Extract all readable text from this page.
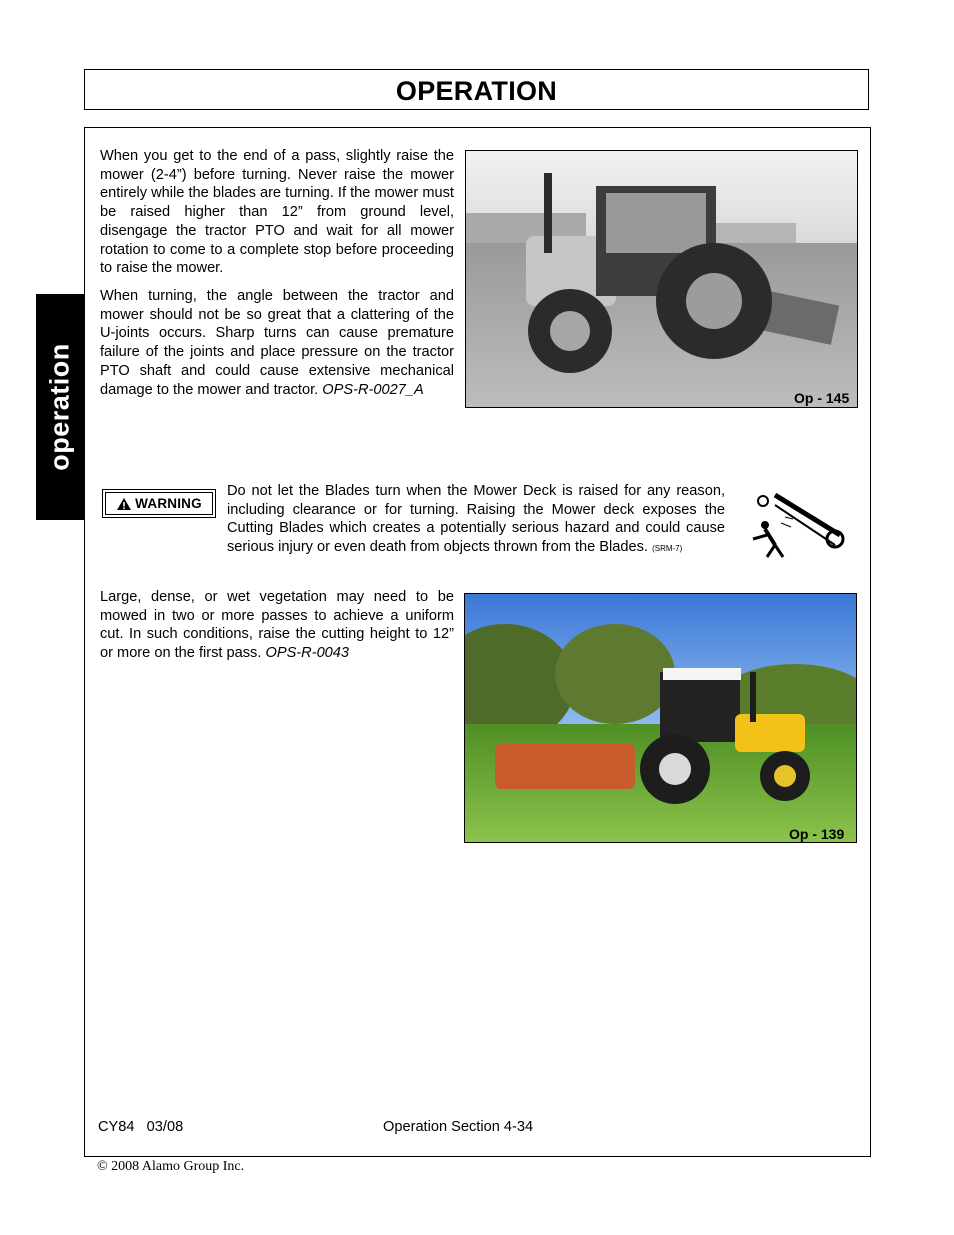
OPERATION
operation

When you get to the end of a pass, slightly raise the mower (2-4”) before turning. Never raise the mower entirely while the blades are turning. If the mower must be raised higher than 12” from ground level, disengage the tractor PTO and wait for all mower rotation to come to a complete stop before proceeding to raise the mower.

When turning, the angle between the tractor and mower should not be so great that a clattering of the U-joints occurs. Sharp turns can cause premature failure of the joints and place pressure on the tractor PTO shaft and could cause extensive mechanical damage to the mower and tractor. OPS-R-0027_A

Op - 145
WARNING

Do not let the Blades turn when the Mower Deck is raised for any reason, including clearance or for turning. Raising the Mower deck exposes the Cutting Blades which creates a potentially serious hazard and could cause serious injury or even death from objects thrown from the Blades. (SRM-7)

Large, dense, or wet vegetation may need to be mowed in two or more passes to achieve a uniform cut. In such conditions, raise the cutting height to 12” or more on the first pass. OPS-R-0043

Op - 139
CY84   03/08	Operation Section 4-34
© 2008 Alamo Group Inc.
